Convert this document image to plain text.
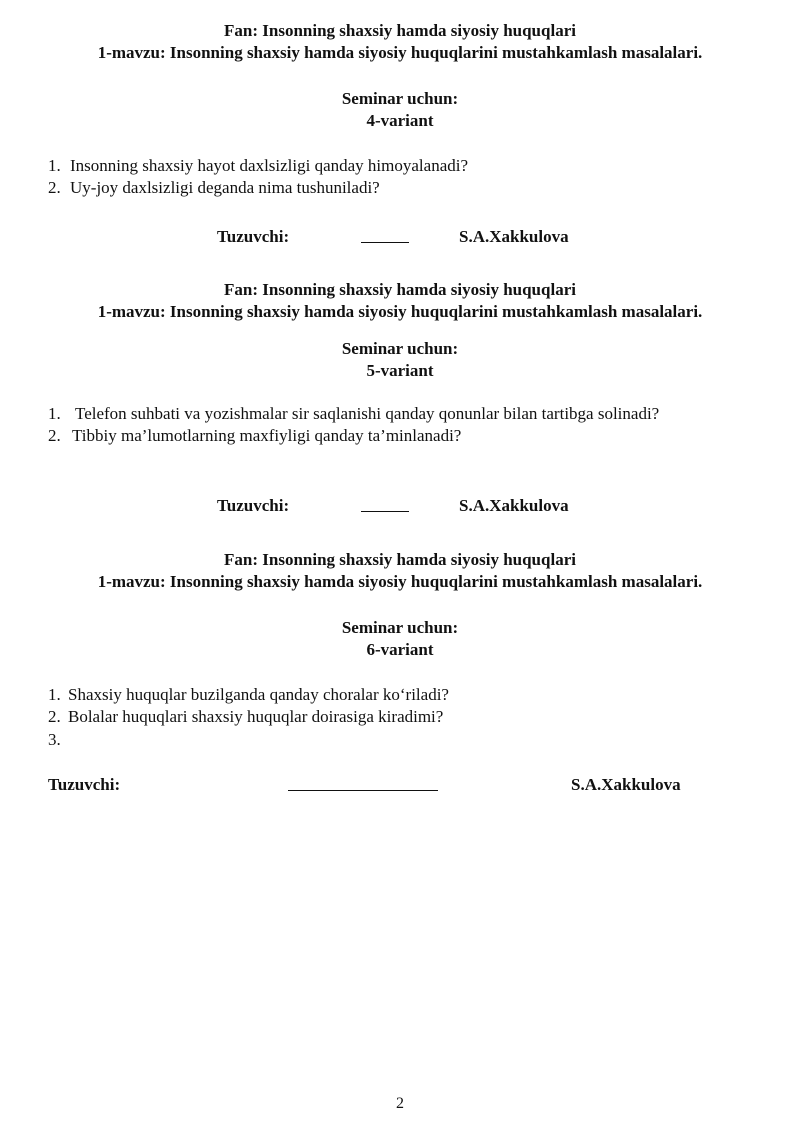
Fan: Insonning shaxsiy hamda siyosiy huquqlari
1-mavzu: Insonning shaxsiy hamda siyosiy huquqlarini mustahkamlash masalalari.
Seminar uchun:
4-variant
1. Insonning shaxsiy hayot daxlsizligi qanday himoyalanadi?
2. Uy-joy daxlsizligi deganda nima tushuniladi?
Tuzuvchi:	S.A.Xakkulova
Fan: Insonning shaxsiy hamda siyosiy huquqlari
1-mavzu: Insonning shaxsiy hamda siyosiy huquqlarini mustahkamlash masalalari.
Seminar uchun:
5-variant
1. Telefon suhbati va yozishmalar sir saqlanishi qanday qonunlar bilan tartibga solinadi?
2. Tibbiy ma’lumotlarning maxfiyligi qanday ta’minlanadi?
Tuzuvchi:	S.A.Xakkulova
Fan: Insonning shaxsiy hamda siyosiy huquqlari
1-mavzu: Insonning shaxsiy hamda siyosiy huquqlarini mustahkamlash masalalari.
Seminar uchun:
6-variant
1. Shaxsiy huquqlar buzilganda qanday choralar ko‘riladi?
2. Bolalar huquqlari shaxsiy huquqlar doirasiga kiradimi?
3.
Tuzuvchi:	S.A.Xakkulova
2
